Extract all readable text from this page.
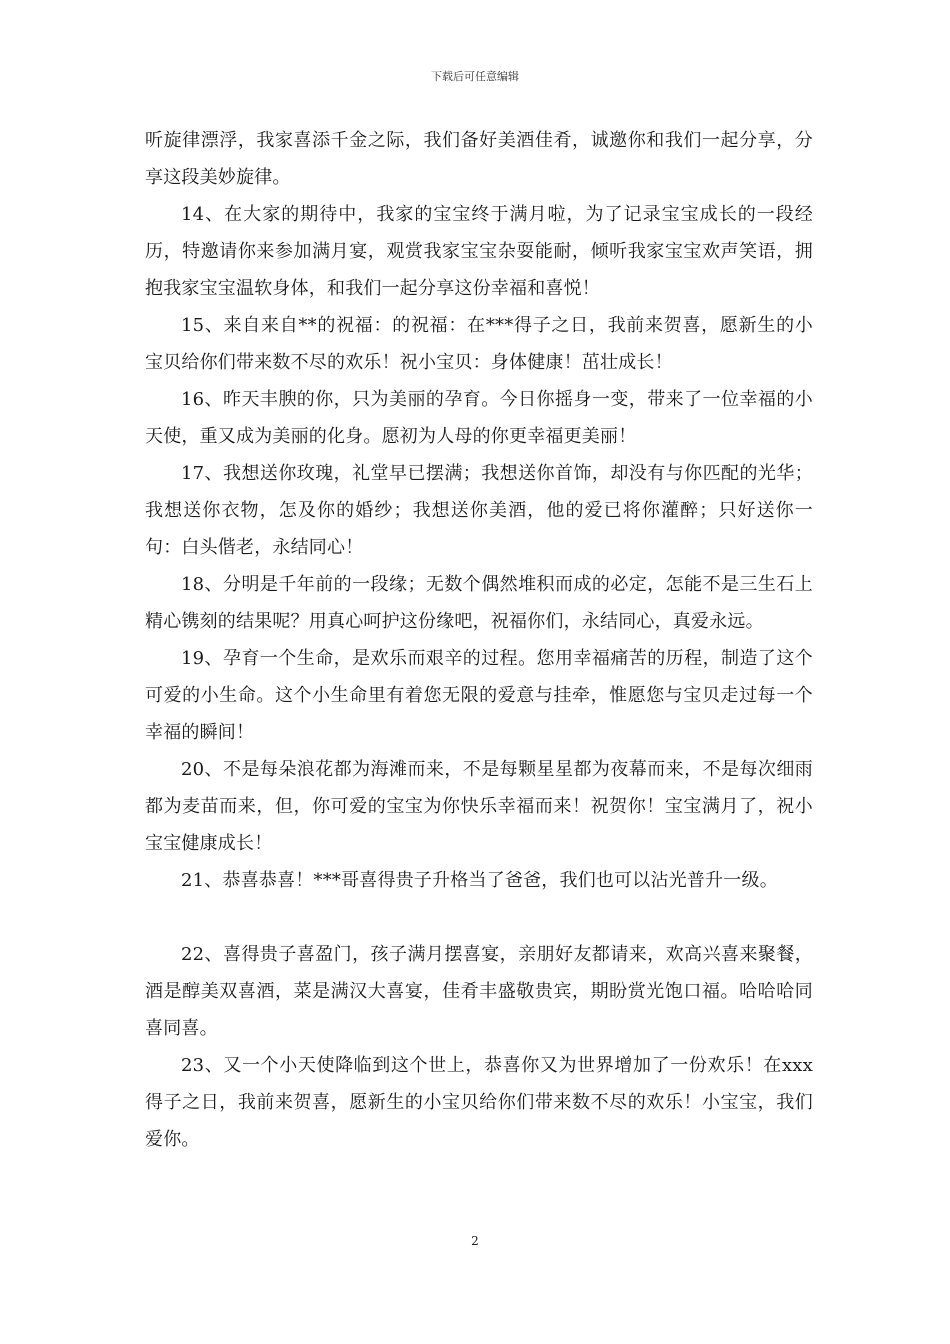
下载后可任意编辑

听旋律漂浮，我家喜添千金之际，我们备好美酒佳肴，诚邀你和我们一起分享，分享这段美妙旋律。

14、在大家的期待中，我家的宝宝终于满月啦，为了记录宝宝成长的一段经历，特邀请你来参加满月宴，观赏我家宝宝杂耍能耐，倾听我家宝宝欢声笑语，拥抱我家宝宝温软身体，和我们一起分享这份幸福和喜悦！

15、来自来自**的祝福：的祝福：在***得子之日，我前来贺喜，愿新生的小宝贝给你们带来数不尽的欢乐！祝小宝贝：身体健康！茁壮成长！

16、昨天丰腴的你，只为美丽的孕育。今日你摇身一变，带来了一位幸福的小天使，重又成为美丽的化身。愿初为人母的你更幸福更美丽！

17、我想送你玫瑰，礼堂早已摆满；我想送你首饰，却没有与你匹配的光华；我想送你衣物，怎及你的婚纱；我想送你美酒，他的爱已将你灌醉；只好送你一句：白头偕老，永结同心！

18、分明是千年前的一段缘；无数个偶然堆积而成的必定，怎能不是三生石上精心镌刻的结果呢？用真心呵护这份缘吧，祝福你们，永结同心，真爱永远。

19、孕育一个生命，是欢乐而艰辛的过程。您用幸福痛苦的历程，制造了这个可爱的小生命。这个小生命里有着您无限的爱意与挂牵，惟愿您与宝贝走过每一个幸福的瞬间！

20、不是每朵浪花都为海滩而来，不是每颗星星都为夜幕而来，不是每次细雨都为麦苗而来，但，你可爱的宝宝为你快乐幸福而来！祝贺你！宝宝满月了，祝小宝宝健康成长！

21、恭喜恭喜！***哥喜得贵子升格当了爸爸，我们也可以沾光普升一级。

22、喜得贵子喜盈门，孩子满月摆喜宴，亲朋好友都请来，欢高兴喜来聚餐，酒是醇美双喜酒，菜是满汉大喜宴，佳肴丰盛敬贵宾，期盼赏光饱口福。哈哈哈同喜同喜。

23、又一个小天使降临到这个世上，恭喜你又为世界增加了一份欢乐！在xxx得子之日，我前来贺喜，愿新生的小宝贝给你们带来数不尽的欢乐！小宝宝，我们爱你。

2
